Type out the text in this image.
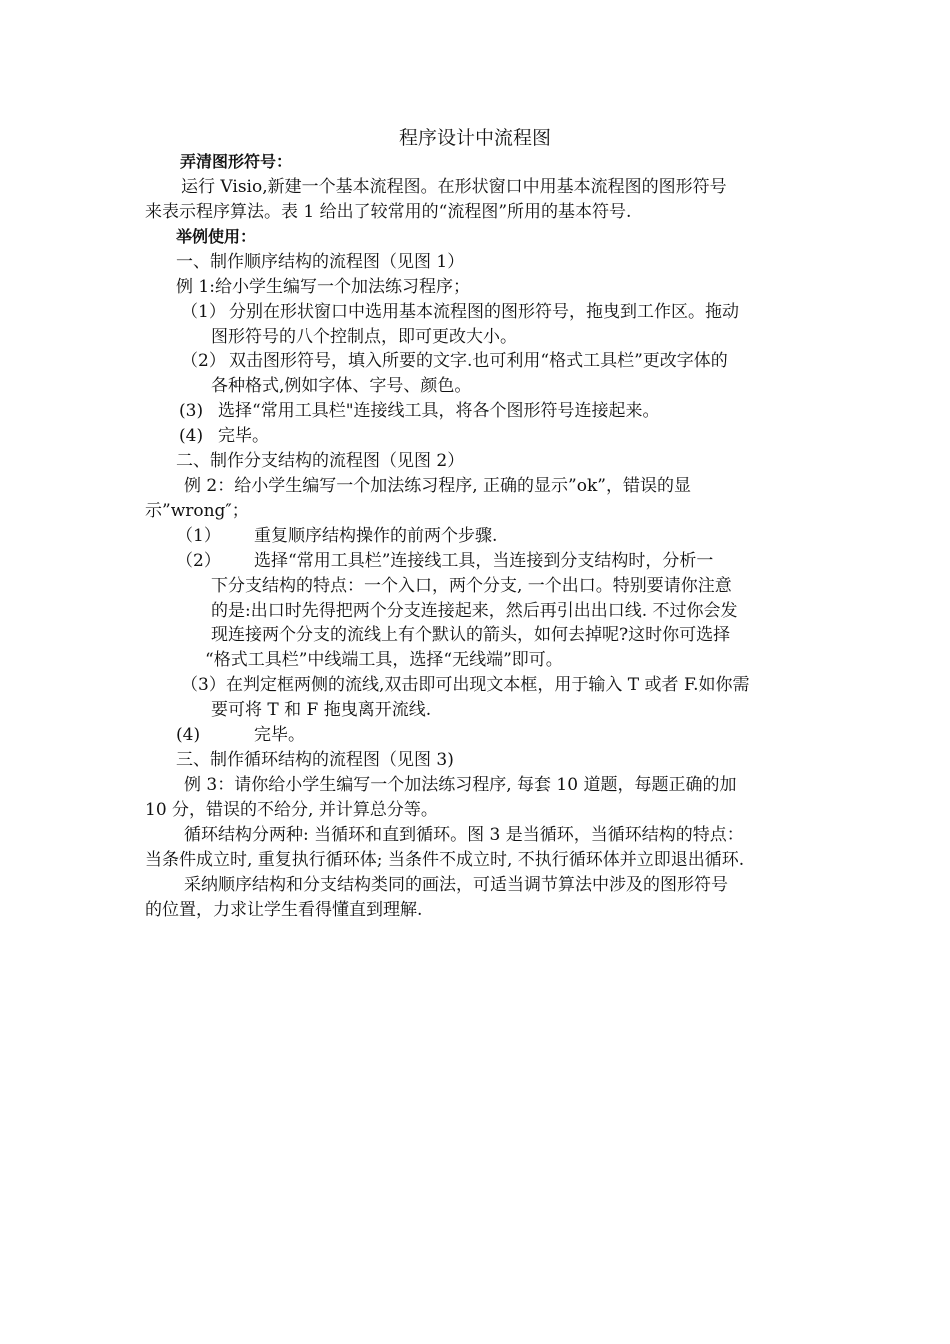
程序设计中流程图
弄清图形符号：
运行 Visio,新建一个基本流程图。在形状窗口中用基本流程图的图形符号
来表示程序算法。表 1 给出了较常用的“流程图”所用的基本符号.
举例使用：
一、制作顺序结构的流程图（见图 1）
例 1:给小学生编写一个加法练习程序；
（1） 分别在形状窗口中选用基本流程图的图形符号，拖曳到工作区。拖动
图形符号的八个控制点，即可更改大小。
（2） 双击图形符号，填入所要的文字.也可利用“格式工具栏”更改字体的
各种格式,例如字体、字号、颜色。
(3) 选择“常用工具栏"连接线工具，将各个图形符号连接起来。
(4) 完毕。
二、制作分支结构的流程图（见图 2）
例 2：给小学生编写一个加法练习程序, 正确的显示”ok”，错误的显
示”wrong″；
（1） 重复顺序结构操作的前两个步骤.
（2） 选择“常用工具栏”连接线工具，当连接到分支结构时，分析一
下分支结构的特点：一个入口，两个分支, 一个出口。特别要请你注意
的是:出口时先得把两个分支连接起来，然后再引出出口线. 不过你会发
现连接两个分支的流线上有个默认的箭头，如何去掉呢?这时你可选择
“格式工具栏”中线端工具，选择“无线端”即可。
（3） 在判定框两侧的流线,双击即可出现文本框，用于输入 T 或者 F.如你需
要可将 T 和 F 拖曳离开流线.
(4)	完毕。
三、制作循环结构的流程图（见图 3)
例 3：请你给小学生编写一个加法练习程序, 每套 10 道题，每题正确的加
10 分，错误的不给分, 并计算总分等。
循环结构分两种: 当循环和直到循环。图 3 是当循环，当循环结构的特点：
当条件成立时, 重复执行循环体; 当条件不成立时, 不执行循环体并立即退出循环.
采纳顺序结构和分支结构类同的画法，可适当调节算法中涉及的图形符号
的位置，力求让学生看得懂直到理解.
